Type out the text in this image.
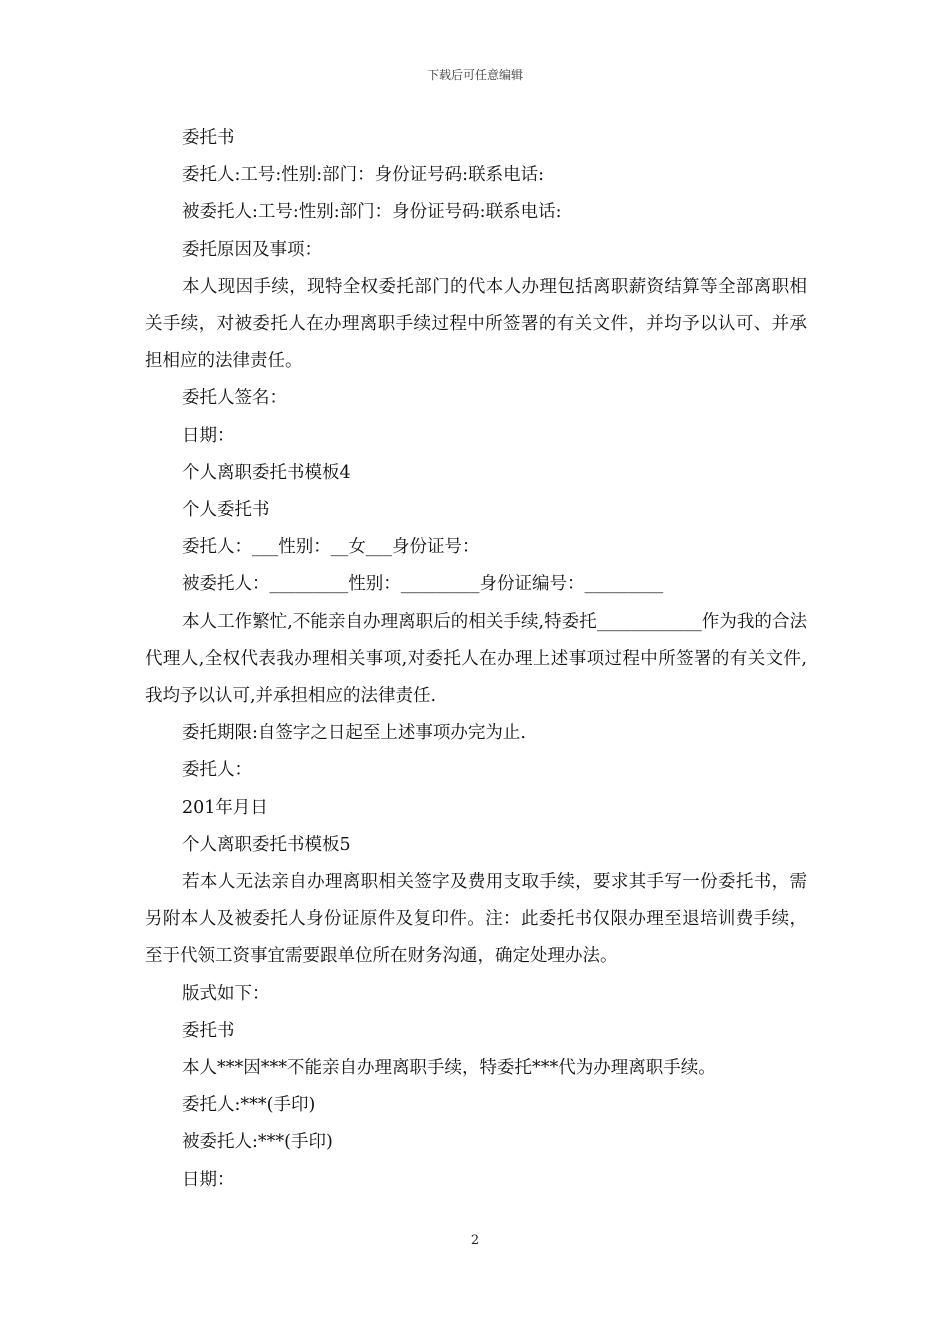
下载后可任意编辑

委托书

委托人:工号:性别:部门：身份证号码:联系电话:

被委托人:工号:性别:部门：身份证号码:联系电话:

委托原因及事项：

本人现因手续，现特全权委托部门的代本人办理包括离职薪资结算等全部离职相关手续，对被委托人在办理离职手续过程中所签署的有关文件，并均予以认可、并承担相应的法律责任。

委托人签名：

日期：

个人离职委托书模板4

个人委托书

委托人：___性别：__女___身份证号：

被委托人：_________性别：_________身份证编号：_________

本人工作繁忙,不能亲自办理离职后的相关手续,特委托____________作为我的合法代理人,全权代表我办理相关事项,对委托人在办理上述事项过程中所签署的有关文件,我均予以认可,并承担相应的法律责任.

委托期限:自签字之日起至上述事项办完为止.

委托人：

201年月日

个人离职委托书模板5

若本人无法亲自办理离职相关签字及费用支取手续，要求其手写一份委托书，需另附本人及被委托人身份证原件及复印件。注：此委托书仅限办理至退培训费手续，至于代领工资事宜需要跟单位所在财务沟通，确定处理办法。

版式如下：

委托书

本人***因***不能亲自办理离职手续，特委托***代为办理离职手续。

委托人:***(手印)

被委托人:***(手印)

日期：

2
